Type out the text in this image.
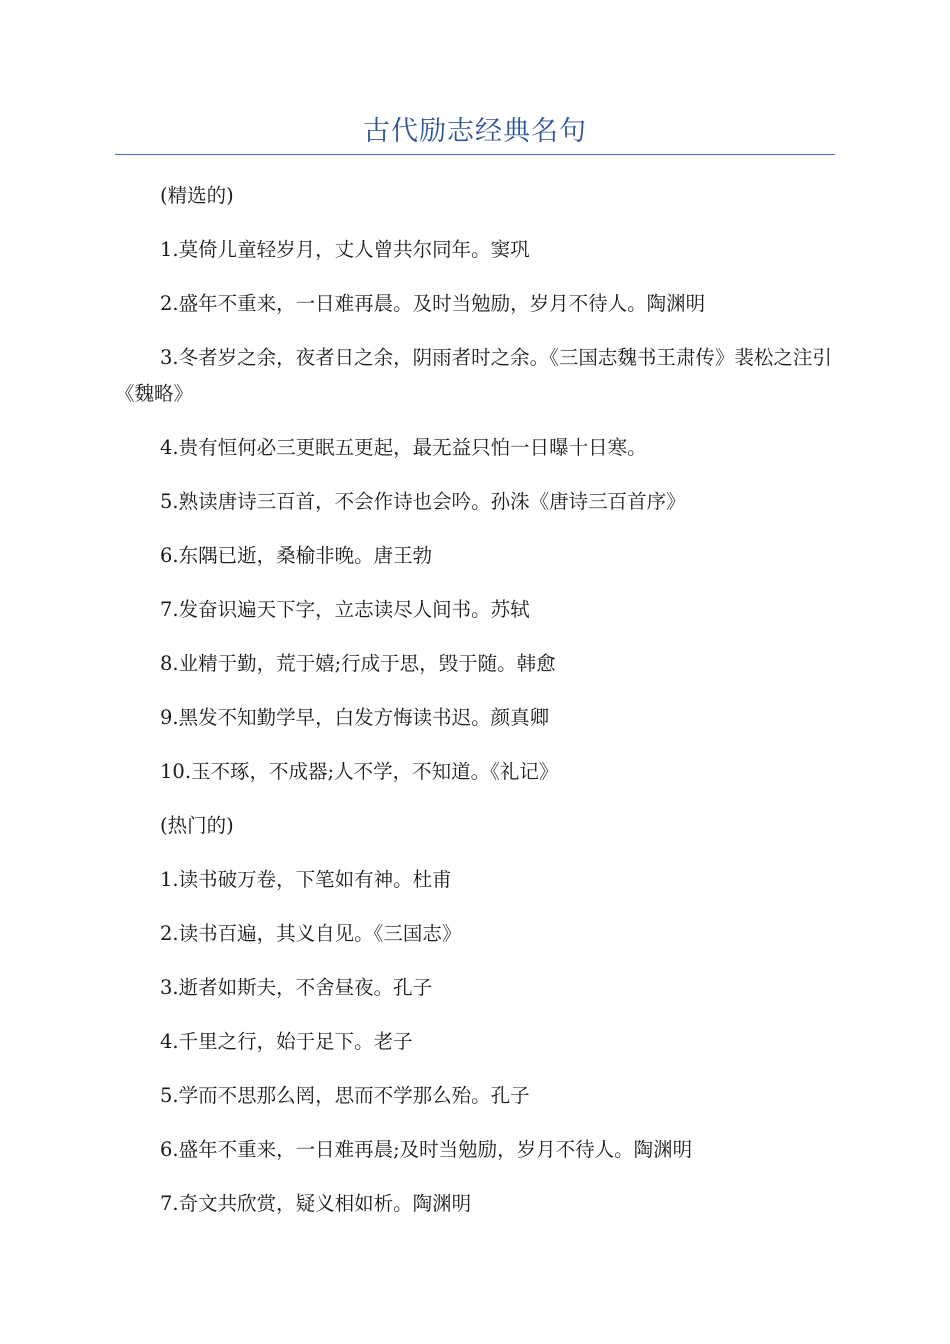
古代励志经典名句

(精选的)

1.莫倚儿童轻岁月，丈人曾共尔同年。窦巩

2.盛年不重来，一日难再晨。及时当勉励，岁月不待人。陶渊明

3.冬者岁之余，夜者日之余，阴雨者时之余。《三国志魏书王肃传》裴松之注引《魏略》

4.贵有恒何必三更眠五更起，最无益只怕一日曝十日寒。

5.熟读唐诗三百首，不会作诗也会吟。孙洙《唐诗三百首序》

6.东隅已逝，桑榆非晚。唐王勃

7.发奋识遍天下字，立志读尽人间书。苏轼

8.业精于勤，荒于嬉;行成于思，毁于随。韩愈

9.黑发不知勤学早，白发方悔读书迟。颜真卿

10.玉不琢，不成器;人不学，不知道。《礼记》

(热门的)

1.读书破万卷，下笔如有神。杜甫

2.读书百遍，其义自见。《三国志》

3.逝者如斯夫，不舍昼夜。孔子

4.千里之行，始于足下。老子

5.学而不思那么罔，思而不学那么殆。孔子

6.盛年不重来，一日难再晨;及时当勉励，岁月不待人。陶渊明

7.奇文共欣赏，疑义相如析。陶渊明
